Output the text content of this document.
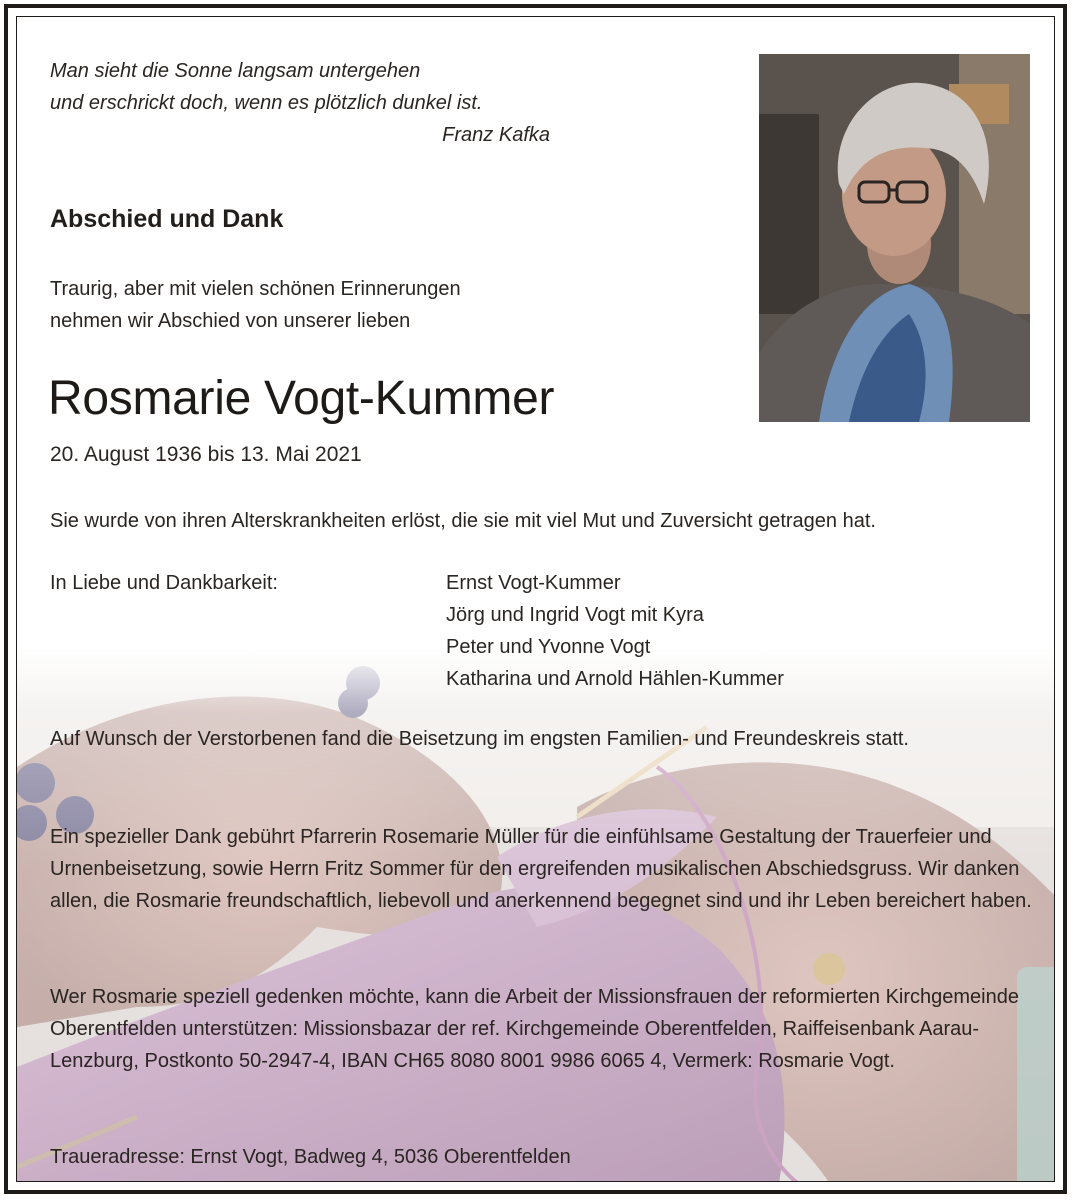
Man sieht die Sonne langsam untergehen
und erschrickt doch, wenn es plötzlich dunkel ist.
Franz Kafka
Abschied und Dank
Traurig, aber mit vielen schönen Erinnerungen
nehmen wir Abschied von unserer lieben
Rosmarie Vogt-Kummer
20. August 1936 bis 13. Mai 2021

Sie wurde von ihren Alterskrankheiten erlöst, die sie mit viel Mut und Zuversicht getragen hat.

In Liebe und Dankbarkeit:	Ernst Vogt-Kummer
Jörg und Ingrid Vogt mit Kyra
Peter und Yvonne Vogt
Katharina und Arnold Hählen-Kummer

Auf Wunsch der Verstorbenen fand die Beisetzung im engsten Familien- und Freundeskreis statt.

Ein spezieller Dank gebührt Pfarrerin Rosemarie Müller für die einfühlsame Gestaltung der Trauerfeier und Urnenbeisetzung, sowie Herrn Fritz Sommer für den ergreifenden musikalischen Abschiedsgruss. Wir danken allen, die Rosmarie freundschaftlich, liebevoll und anerkennend begegnet sind und ihr Leben bereichert haben.

Wer Rosmarie speziell gedenken möchte, kann die Arbeit der Missionsfrauen der reformierten Kirchgemeinde Oberentfelden unterstützen: Missionsbazar der ref. Kirchgemeinde Oberentfelden, Raiffeisenbank Aarau-Lenzburg, Postkonto 50-2947-4, IBAN CH65 8080 8001 9986 6065 4, Vermerk: Rosmarie Vogt.

Traueradresse: Ernst Vogt, Badweg 4, 5036 Oberentfelden
